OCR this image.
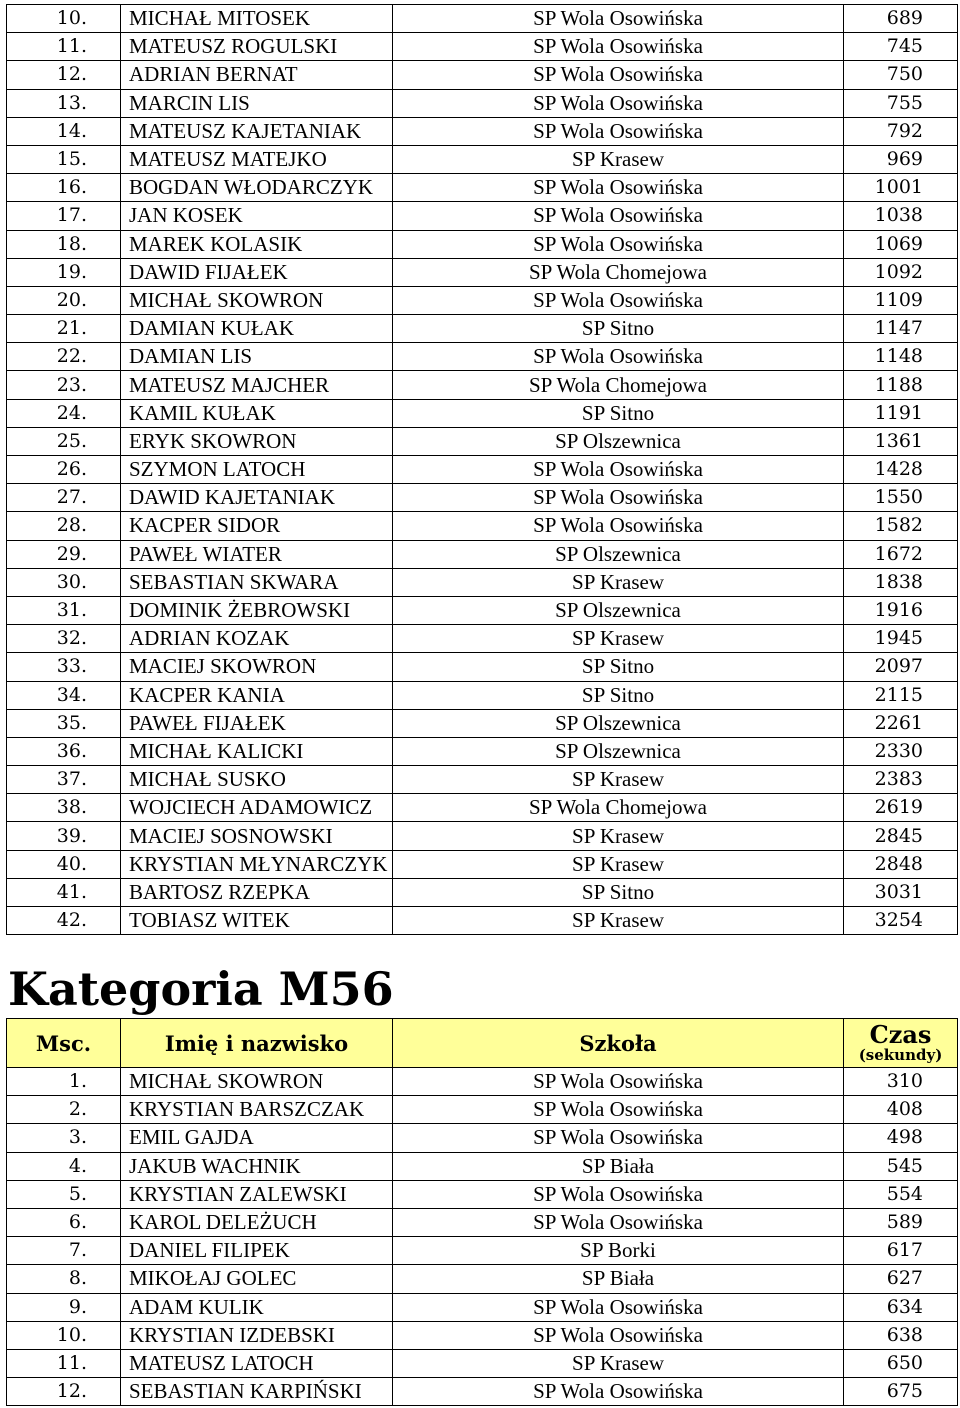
10.	MICHAŁ MITOSEK	SP Wola Osowińska	689
11.	MATEUSZ ROGULSKI	SP Wola Osowińska	745
12.	ADRIAN BERNAT	SP Wola Osowińska	750
13.	MARCIN LIS	SP Wola Osowińska	755
14.	MATEUSZ KAJETANIAK	SP Wola Osowińska	792
15.	MATEUSZ MATEJKO	SP Krasew	969
16.	BOGDAN WŁODARCZYK	SP Wola Osowińska	1001
17.	JAN KOSEK	SP Wola Osowińska	1038
18.	MAREK KOLASIK	SP Wola Osowińska	1069
19.	DAWID FIJAŁEK	SP Wola Chomejowa	1092
20.	MICHAŁ SKOWRON	SP Wola Osowińska	1109
21.	DAMIAN KUŁAK	SP Sitno	1147
22.	DAMIAN LIS	SP Wola Osowińska	1148
23.	MATEUSZ MAJCHER	SP Wola Chomejowa	1188
24.	KAMIL KUŁAK	SP Sitno	1191
25.	ERYK SKOWRON	SP Olszewnica	1361
26.	SZYMON LATOCH	SP Wola Osowińska	1428
27.	DAWID KAJETANIAK	SP Wola Osowińska	1550
28.	KACPER SIDOR	SP Wola Osowińska	1582
29.	PAWEŁ WIATER	SP Olszewnica	1672
30.	SEBASTIAN SKWARA	SP Krasew	1838
31.	DOMINIK ŻEBROWSKI	SP Olszewnica	1916
32.	ADRIAN KOZAK	SP Krasew	1945
33.	MACIEJ SKOWRON	SP Sitno	2097
34.	KACPER KANIA	SP Sitno	2115
35.	PAWEŁ FIJAŁEK	SP Olszewnica	2261
36.	MICHAŁ KALICKI	SP Olszewnica	2330
37.	MICHAŁ SUSKO	SP Krasew	2383
38.	WOJCIECH ADAMOWICZ	SP Wola Chomejowa	2619
39.	MACIEJ SOSNOWSKI	SP Krasew	2845
40.	KRYSTIAN MŁYNARCZYK	SP Krasew	2848
41.	BARTOSZ RZEPKA	SP Sitno	3031
42.	TOBIASZ WITEK	SP Krasew	3254
Kategoria M56
Msc.	Imię i nazwisko	Szkoła	Czas
(sekundy)

1.	MICHAŁ SKOWRON	SP Wola Osowińska	310
2.	KRYSTIAN BARSZCZAK	SP Wola Osowińska	408
3.	EMIL GAJDA	SP Wola Osowińska	498
4.	JAKUB WACHNIK	SP Biała	545
5.	KRYSTIAN ZALEWSKI	SP Wola Osowińska	554
6.	KAROL DELEŻUCH	SP Wola Osowińska	589
7.	DANIEL FILIPEK	SP Borki	617
8.	MIKOŁAJ GOLEC	SP Biała	627
9.	ADAM KULIK	SP Wola Osowińska	634
10.	KRYSTIAN IZDEBSKI	SP Wola Osowińska	638
11.	MATEUSZ LATOCH	SP Krasew	650
12.	SEBASTIAN KARPIŃSKI	SP Wola Osowińska	675
